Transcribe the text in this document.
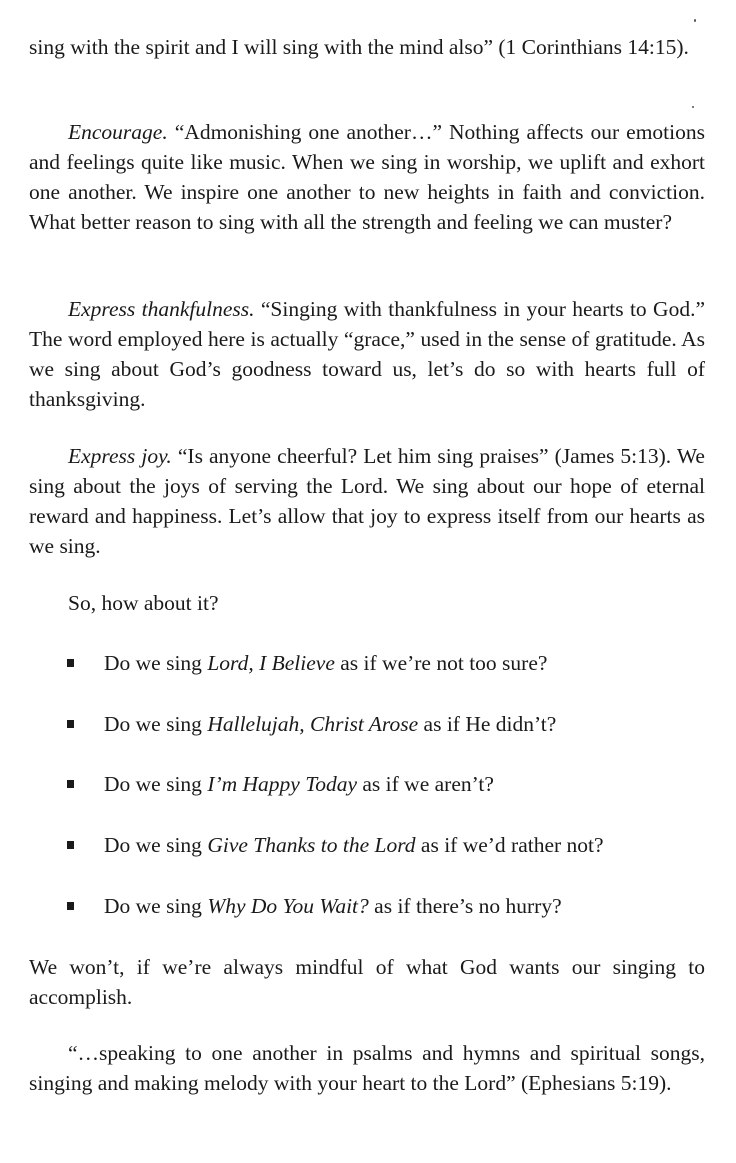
sing with the spirit and I will sing with the mind also” (1 Corinthians 14:15).

Encourage. “Admonishing one another…” Nothing affects our emotions and feelings quite like music. When we sing in worship, we uplift and exhort one another. We inspire one another to new heights in faith and conviction. What better reason to sing with all the strength and feeling we can muster?

Express thankfulness. “Singing with thankfulness in your hearts to God.” The word employed here is actually “grace,” used in the sense of gratitude. As we sing about God’s goodness toward us, let’s do so with hearts full of thanksgiving.

Express joy. “Is anyone cheerful? Let him sing praises” (James 5:13). We sing about the joys of serving the Lord. We sing about our hope of eternal reward and happiness. Let’s allow that joy to express itself from our hearts as we sing.

So, how about it?

Do we sing Lord, I Believe as if we’re not too sure?
Do we sing Hallelujah, Christ Arose as if He didn’t?
Do we sing I’m Happy Today as if we aren’t?
Do we sing Give Thanks to the Lord as if we’d rather not?
Do we sing Why Do You Wait? as if there’s no hurry?

We won’t, if we’re always mindful of what God wants our singing to accomplish.

“…speaking to one another in psalms and hymns and spiritual songs, singing and making melody with your heart to the Lord” (Ephesians 5:19).
